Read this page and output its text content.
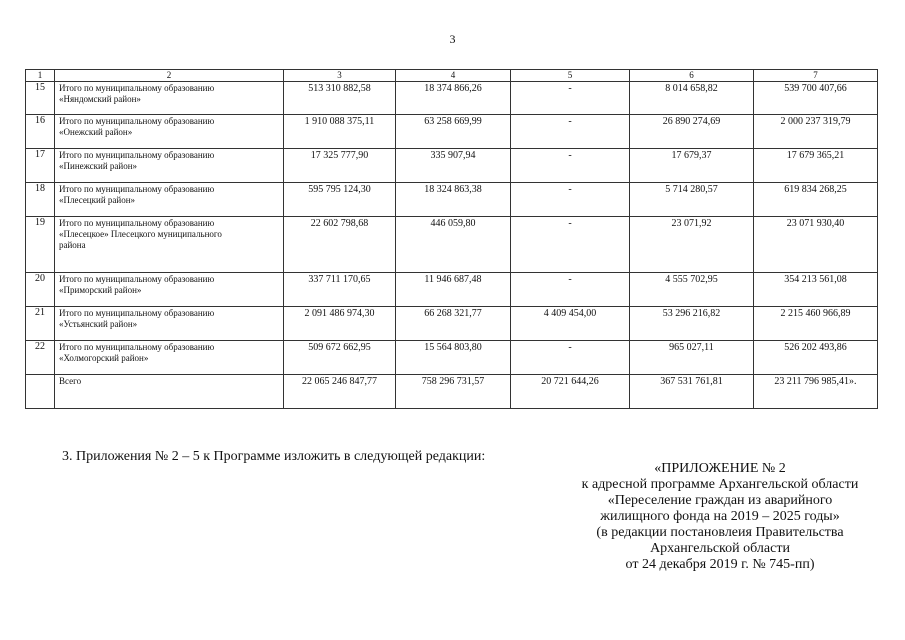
3
1	2	3	4	5	6	7
15	Итого по муниципальному образованию
«Няндомский район»	513 310 882,58	18 374 866,26	-	8 014 658,82	539 700 407,66
16	Итого по муниципальному образованию
«Онежский район»	1 910 088 375,11	63 258 669,99	-	26 890 274,69	2 000 237 319,79
17	Итого по муниципальному образованию
«Пинежский район»	17 325 777,90	335 907,94	-	17 679,37	17 679 365,21
18	Итого по муниципальному образованию
«Плесецкий район»	595 795 124,30	18 324 863,38	-	5 714 280,57	619 834 268,25
19	Итого по муниципальному образованию
«Плесецкое» Плесецкого муниципального
района	22 602 798,68	446 059,80	-	23 071,92	23 071 930,40
20	Итого по муниципальному образованию
«Приморский район»	337 711 170,65	11 946 687,48	-	4 555 702,95	354 213 561,08
21	Итого по муниципальному образованию
«Устьянский район»	2 091 486 974,30	66 268 321,77	4 409 454,00	53 296 216,82	2 215 460 966,89
22	Итого по муниципальному образованию
«Холмогорский район»	509 672 662,95	15 564 803,80	-	965 027,11	526 202 493,86

	Всего	22 065 246 847,77	758 296 731,57	20 721 644,26	367 531 761,81	23 211 796 985,41».
3. Приложения № 2 – 5 к Программе изложить в следующей редакции:
«ПРИЛОЖЕНИЕ № 2
к адресной программе Архангельской области
«Переселение граждан из аварийного
жилищного фонда на 2019 – 2025 годы»
(в редакции постановлеия Правительства
Архангельской области
от 24 декабря 2019 г. № 745-пп)
